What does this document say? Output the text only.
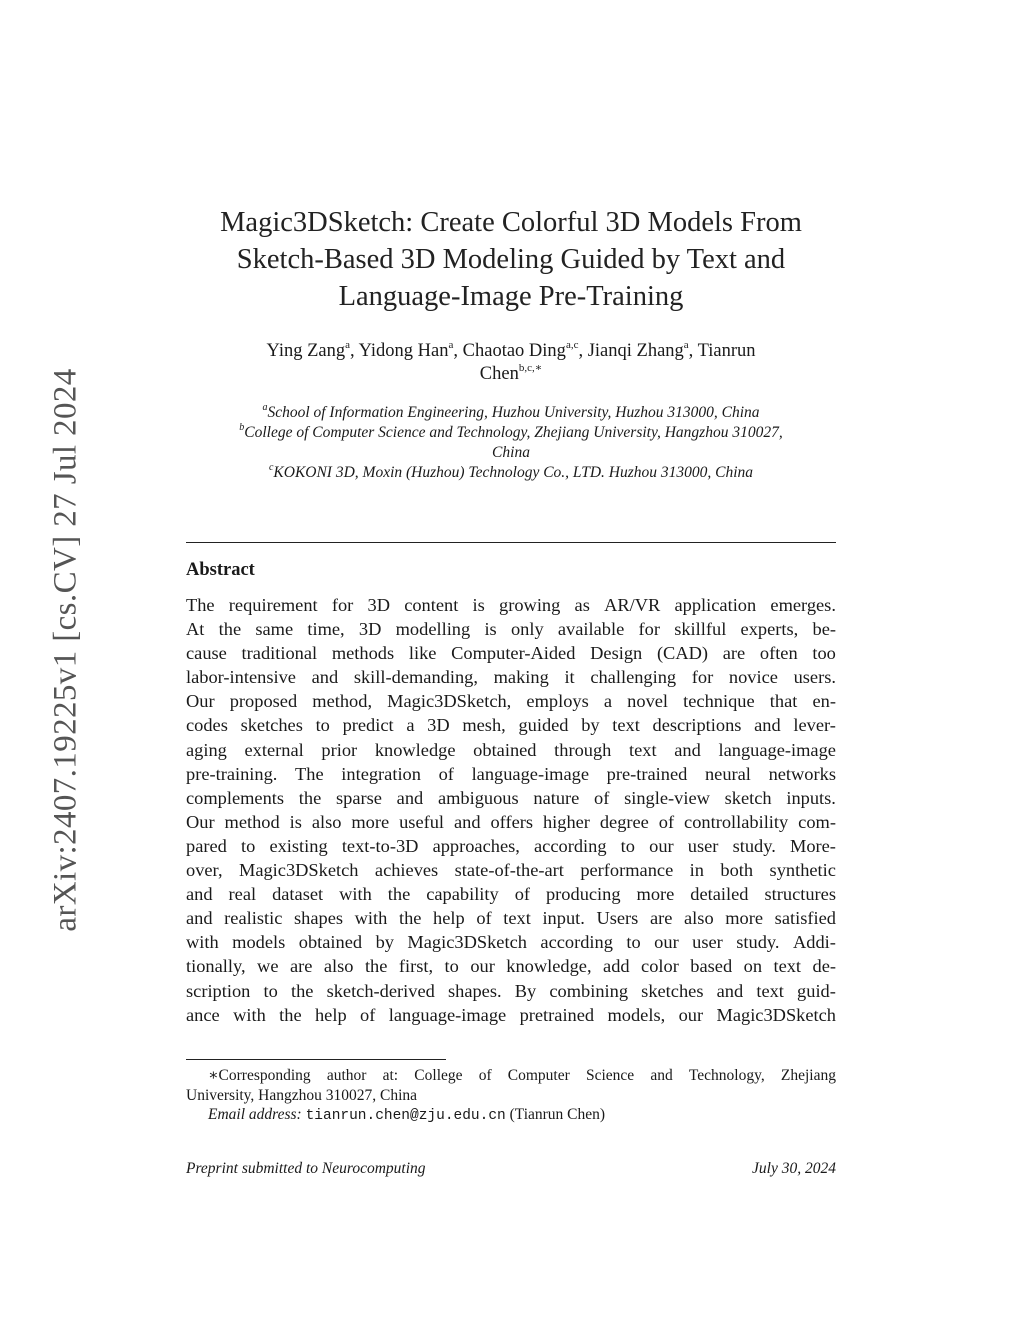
arXiv:2407.19225v1 [cs.CV] 27 Jul 2024
Magic3DSketch: Create Colorful 3D Models From
Sketch-Based 3D Modeling Guided by Text and
Language-Image Pre-Training
Ying Zang$^a$, Yidong Han$^a$, Chaotao Ding$^{a,c}$, Jianqi Zhang$^a$, Tianrun
Chen$^{b,c,∗}$
$^a$School of Information Engineering, Huzhou University, Huzhou 313000, China
$^b$College of Computer Science and Technology, Zhejiang University, Hangzhou 310027,
China
$^c$KOKONI 3D, Moxin (Huzhou) Technology Co., LTD. Huzhou 313000, China
Abstract
The requirement for 3D content is growing as AR/VR application emerges.
At the same time, 3D modelling is only available for skillful experts, be-
cause traditional methods like Computer-Aided Design (CAD) are often too
labor-intensive and skill-demanding, making it challenging for novice users.
Our proposed method, Magic3DSketch, employs a novel technique that en-
codes sketches to predict a 3D mesh, guided by text descriptions and lever-
aging external prior knowledge obtained through text and language-image
pre-training. The integration of language-image pre-trained neural networks
complements the sparse and ambiguous nature of single-view sketch inputs.
Our method is also more useful and offers higher degree of controllability com-
pared to existing text-to-3D approaches, according to our user study. More-
over, Magic3DSketch achieves state-of-the-art performance in both synthetic
and real dataset with the capability of producing more detailed structures
and realistic shapes with the help of text input. Users are also more satisfied
with models obtained by Magic3DSketch according to our user study. Addi-
tionally, we are also the first, to our knowledge, add color based on text de-
scription to the sketch-derived shapes. By combining sketches and text guid-
ance with the help of language-image pretrained models, our Magic3DSketch
∗Corresponding author at: College of Computer Science and Technology, Zhejiang
University, Hangzhou 310027, China
Email address: tianrun.chen@zju.edu.cn (Tianrun Chen)
Preprint submitted to Neurocomputing	July 30, 2024
